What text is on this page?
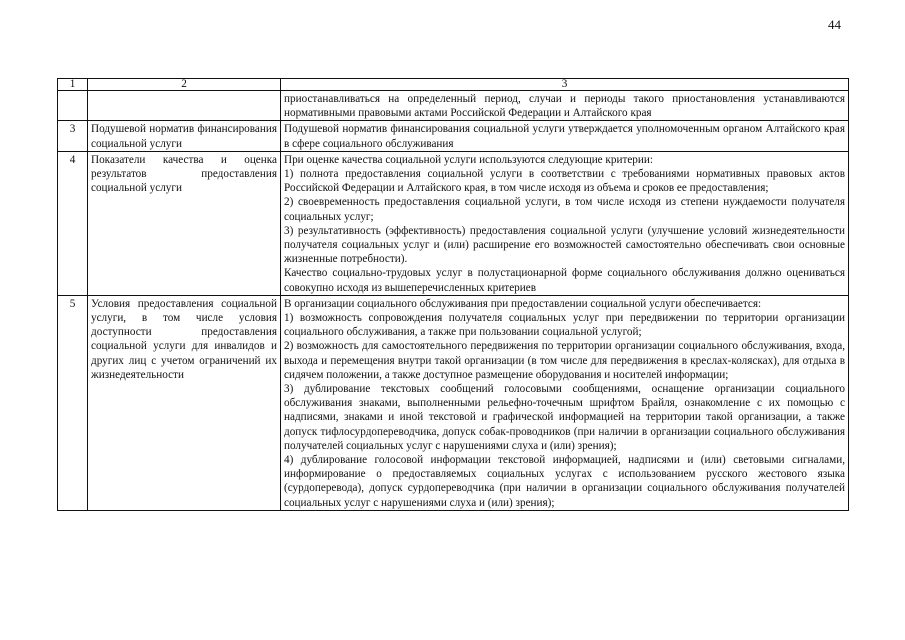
44
1	2	3

		приостанавливаться на определенный период, случаи и периоды такого приостановления устанавливаются нормативными правовыми актами Российской Федерации и Алтайского края

3	Подушевой норматив финансирования социальной услуги	Подушевой норматив финансирования социальной услуги утверждается уполномоченным органом Алтайского края в сфере социального обслуживания

4	Показатели качества и оценка результатов предоставления социальной услуги	При оценке качества социальной услуги используются следующие критерии:
1) полнота предоставления социальной услуги в соответствии с требованиями нормативных правовых актов Российской Федерации и Алтайского края, в том числе исходя из объема и сроков ее предоставления;
2) своевременность предоставления социальной услуги, в том числе исходя из степени нуждаемости получателя социальных услуг;
3) результативность (эффективность) предоставления социальной услуги (улучшение условий жизнедеятельности получателя социальных услуг и (или) расширение его возможностей самостоятельно обеспечивать свои основные жизненные потребности).
Качество социально-трудовых услуг в полустационарной форме социального обслуживания должно оцениваться совокупно исходя из вышеперечисленных критериев

5	Условия предоставления социальной услуги, в том числе условия доступности предоставления социальной услуги для инвалидов и других лиц с учетом ограничений их жизнедеятельности	В организации социального обслуживания при предоставлении социальной услуги обеспечивается:
1) возможность сопровождения получателя социальных услуг при передвижении по территории организации социального обслуживания, а также при пользовании социальной услугой;
2) возможность для самостоятельного передвижения по территории организации социального обслуживания, входа, выхода и перемещения внутри такой организации (в том числе для передвижения в креслах-колясках), для отдыха в сидячем положении, а также доступное размещение оборудования и носителей информации;
3) дублирование текстовых сообщений голосовыми сообщениями, оснащение организации социального обслуживания знаками, выполненными рельефно-точечным шрифтом Брайля, ознакомление с их помощью с надписями, знаками и иной текстовой и графической информацией на территории такой организации, а также допуск тифлосурдопереводчика, допуск собак-проводников (при наличии в организации социального обслуживания получателей социальных услуг с нарушениями слуха и (или) зрения);
4) дублирование голосовой информации текстовой информацией, надписями и (или) световыми сигналами, информирование о предоставляемых социальных услугах с использованием русского жестового языка (сурдоперевода), допуск сурдопереводчика (при наличии в организации социального обслуживания получателей социальных услуг с нарушениями слуха и (или) зрения);
